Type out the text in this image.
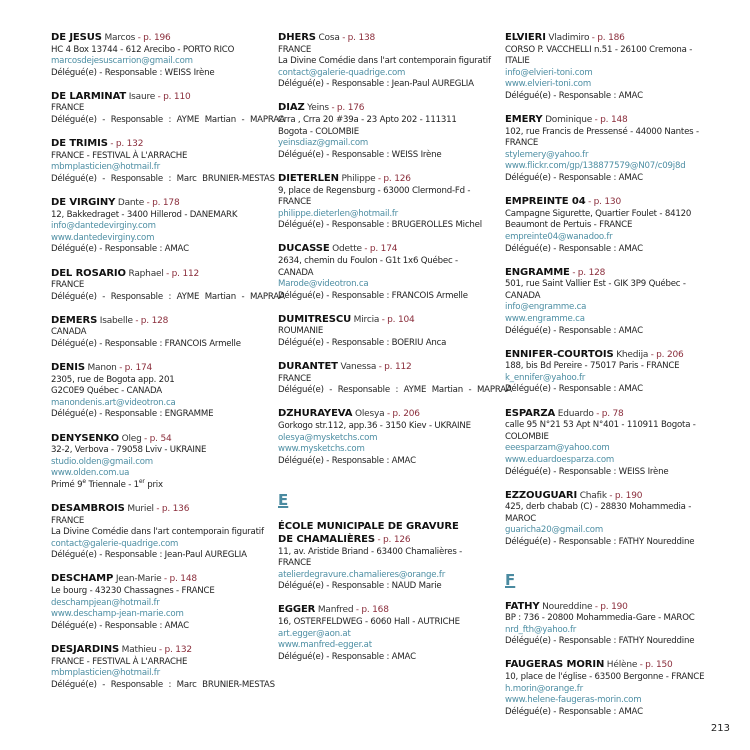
DE JESUS Marcos - p. 196
HC 4 Box 13744 - 612 Arecibo - PORTO RICO
marcosdejesuscarrion@gmail.com
Délégué(e) - Responsable : WEISS Irène
DE LARMINAT Isaure - p. 110
FRANCE
Délégué(e) - Responsable : AYME Martian - MAPRAA
DE TRIMIS - p. 132
FRANCE - FESTIVAL À L'ARRACHE
mbmplasticien@hotmail.fr
Délégué(e) - Responsable : Marc BRUNIER-MESTAS
DE VIRGINY Dante - p. 178
12, Bakkedraget - 3400 Hillerod - DANEMARK
info@dantedevirginy.com
www.dantedevirginy.com
Délégué(e) - Responsable : AMAC
DEL ROSARIO Raphael - p. 112
FRANCE
Délégué(e) - Responsable : AYME Martian - MAPRAA
DEMERS Isabelle - p. 128
CANADA
Délégué(e) - Responsable : FRANCOIS Armelle
DENIS Manon - p. 174
2305, rue de Bogota app. 201
G2C0E9 Québec - CANADA
manondenis.art@videotron.ca
Délégué(e) - Responsable : ENGRAMME
DENYSENKO Oleg - p. 54
32-2, Verbova - 79058 Lviv - UKRAINE
studio.olden@gmail.com
www.olden.com.ua
Primé 9e Triennale - 1er prix
DESAMBROIS Muriel - p. 136
FRANCE
La Divine Comédie dans l'art contemporain figuratif
contact@galerie-quadrige.com
Délégué(e) - Responsable : Jean-Paul AUREGLIA
DESCHAMP Jean-Marie - p. 148
Le bourg - 43230 Chassagnes - FRANCE
deschampjean@hotmail.fr
www.deschamp-jean-marie.com
Délégué(e) - Responsable : AMAC
DESJARDINS Mathieu - p. 132
FRANCE - FESTIVAL À L'ARRACHE
mbmplasticien@hotmail.fr
Délégué(e) - Responsable : Marc BRUNIER-MESTAS
DHERS Cosa - p. 138
FRANCE
La Divine Comédie dans l'art contemporain figuratif
contact@galerie-quadrige.com
Délégué(e) - Responsable : Jean-Paul AUREGLIA
DIAZ Yeins - p. 176
Crra , Crra 20 #39a - 23 Apto 202 - 111311
Bogota - COLOMBIE
yeinsdiaz@gmail.com
Délégué(e) - Responsable : WEISS Irène
DIETERLEN Philippe - p. 126
9, place de Regensburg - 63000 Clermond-Fd -
FRANCE
philippe.dieterlen@hotmail.fr
Délégué(e) - Responsable : BRUGEROLLES Michel
DUCASSE Odette - p. 174
2634, chemin du Foulon - G1t 1x6 Québec -
CANADA
Marode@videotron.ca
Délégué(e) - Responsable : FRANCOIS Armelle
DUMITRESCU Mircia - p. 104
ROUMANIE
Délégué(e) - Responsable : BOERIU Anca
DURANTET Vanessa - p. 112
FRANCE
Délégué(e) - Responsable : AYME Martian - MAPRAA
DZHURAYEVA Olesya - p. 206
Gorkogo str.112, app.36 - 3150 Kiev - UKRAINE
olesya@mysketchs.com
www.mysketchs.com
Délégué(e) - Responsable : AMAC
E
ÉCOLE MUNICIPALE DE GRAVURE
DE CHAMALIÈRES - p. 126
11, av. Aristide Briand - 63400 Chamalières -
FRANCE
atelierdegravure.chamalieres@orange.fr
Délégué(e) - Responsable : NAUD Marie
EGGER Manfred - p. 168
16, OSTERFELDWEG - 6060 Hall - AUTRICHE
art.egger@aon.at
www.manfred-egger.at
Délégué(e) - Responsable : AMAC
ELVIERI Vladimiro - p. 186
CORSO P. VACCHELLI n.51 - 26100 Cremona -
ITALIE
info@elvieri-toni.com
www.elvieri-toni.com
Délégué(e) - Responsable : AMAC
EMERY Dominique - p. 148
102, rue Francis de Pressensé - 44000 Nantes -
FRANCE
stylemery@yahoo.fr
www.flickr.com/gp/138877579@N07/c09j8d
Délégué(e) - Responsable : AMAC
EMPREINTE 04 - p. 130
Campagne Sigurette, Quartier Foulet - 84120
Beaumont de Pertuis - FRANCE
empreinte04@wanadoo.fr
Délégué(e) - Responsable : AMAC
ENGRAMME - p. 128
501, rue Saint Vallier Est - GIK 3P9 Québec -
CANADA
info@engramme.ca
www.engramme.ca
Délégué(e) - Responsable : AMAC
ENNIFER-COURTOIS Khedija - p. 206
188, bis Bd Pereire - 75017 Paris - FRANCE
k_ennifer@yahoo.fr
Délégué(e) - Responsable : AMAC
ESPARZA Eduardo - p. 78
calle 95 N°21 53 Apt N°401 - 110911 Bogota -
COLOMBIE
eeesparzam@yahoo.com
www.eduardoesparza.com
Délégué(e) - Responsable : WEISS Irène
EZZOUGUARI Chafik - p. 190
425, derb chabab (C) - 28830 Mohammedia -
MAROC
guaricha20@gmail.com
Délégué(e) - Responsable : FATHY Noureddine
F
FATHY Noureddine - p. 190
BP : 736 - 20800 Mohammedia-Gare - MAROC
nrd_fth@yahoo.fr
Délégué(e) - Responsable : FATHY Noureddine
FAUGERAS MORIN Hélène - p. 150
10, place de l'église - 63500 Bergonne - FRANCE
h.morin@orange.fr
www.helene-faugeras-morin.com
Délégué(e) - Responsable : AMAC
213
